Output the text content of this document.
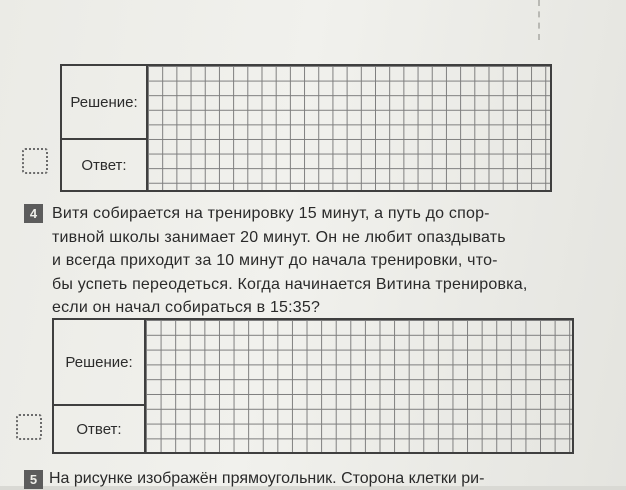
Решение:
Ответ:
4 Витя собирается на тренировку 15 минут, а путь до спор-
тивной школы занимает 20 минут. Он не любит опаздывать
и всегда приходит за 10 минут до начала тренировки, что-
бы успеть переодеться. Когда начинается Витина тренировка,
если он начал собираться в 15:35?
Решение:
Ответ:
5 На рисунке изображён прямоугольник. Сторона клетки ри-
